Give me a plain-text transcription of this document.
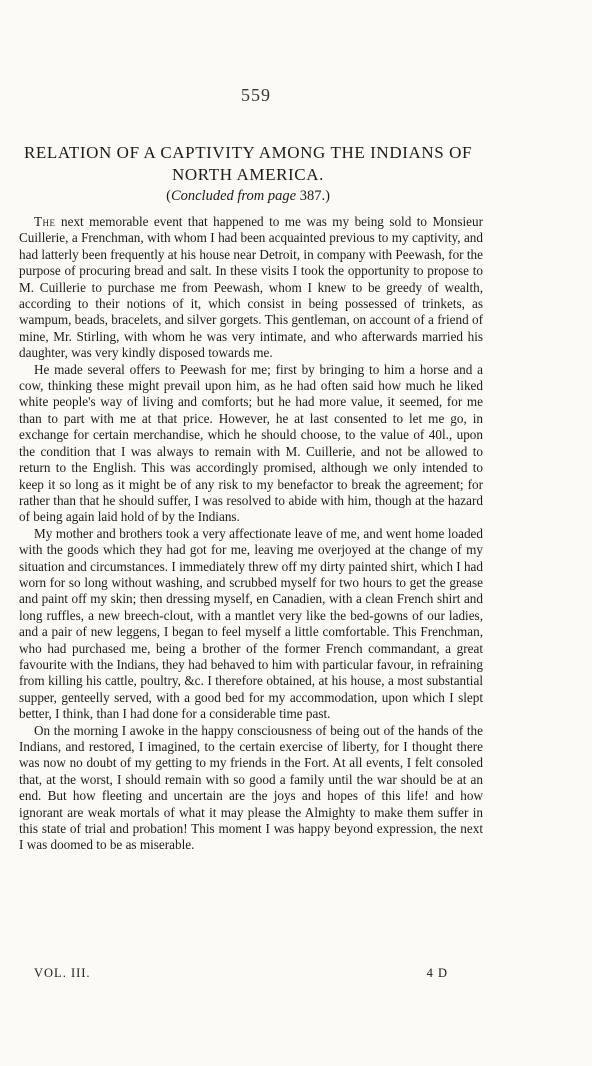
559
RELATION OF A CAPTIVITY AMONG THE INDIANS OF NORTH AMERICA.
(Concluded from page 387.)

The next memorable event that happened to me was my being sold to Monsieur Cuillerie, a Frenchman, with whom I had been acquainted previous to my captivity, and had latterly been frequently at his house near Detroit, in company with Peewash, for the purpose of procuring bread and salt. In these visits I took the opportunity to propose to M. Cuillerie to purchase me from Peewash, whom I knew to be greedy of wealth, according to their notions of it, which consist in being possessed of trinkets, as wampum, beads, bracelets, and silver gorgets. This gentleman, on account of a friend of mine, Mr. Stirling, with whom he was very intimate, and who afterwards married his daughter, was very kindly disposed towards me.

He made several offers to Peewash for me; first by bringing to him a horse and a cow, thinking these might prevail upon him, as he had often said how much he liked white people's way of living and comforts; but he had more value, it seemed, for me than to part with me at that price. However, he at last consented to let me go, in exchange for certain merchandise, which he should choose, to the value of 40l., upon the condition that I was always to remain with M. Cuillerie, and not be allowed to return to the English. This was accordingly promised, although we only intended to keep it so long as it might be of any risk to my benefactor to break the agreement; for rather than that he should suffer, I was resolved to abide with him, though at the hazard of being again laid hold of by the Indians.

My mother and brothers took a very affectionate leave of me, and went home loaded with the goods which they had got for me, leaving me overjoyed at the change of my situation and circumstances. I immediately threw off my dirty painted shirt, which I had worn for so long without washing, and scrubbed myself for two hours to get the grease and paint off my skin; then dressing myself, en Canadien, with a clean French shirt and long ruffles, a new breech-clout, with a mantlet very like the bed-gowns of our ladies, and a pair of new leggens, I began to feel myself a little comfortable. This Frenchman, who had purchased me, being a brother of the former French commandant, a great favourite with the Indians, they had behaved to him with particular favour, in refraining from killing his cattle, poultry, &c. I therefore obtained, at his house, a most substantial supper, genteelly served, with a good bed for my accommodation, upon which I slept better, I think, than I had done for a considerable time past.

On the morning I awoke in the happy consciousness of being out of the hands of the Indians, and restored, I imagined, to the certain exercise of liberty, for I thought there was now no doubt of my getting to my friends in the Fort. At all events, I felt consoled that, at the worst, I should remain with so good a family until the war should be at an end. But how fleeting and uncertain are the joys and hopes of this life! and how ignorant are weak mortals of what it may please the Almighty to make them suffer in this state of trial and probation! This moment I was happy beyond expression, the next I was doomed to be as miserable.

VOL. III.	4 D
